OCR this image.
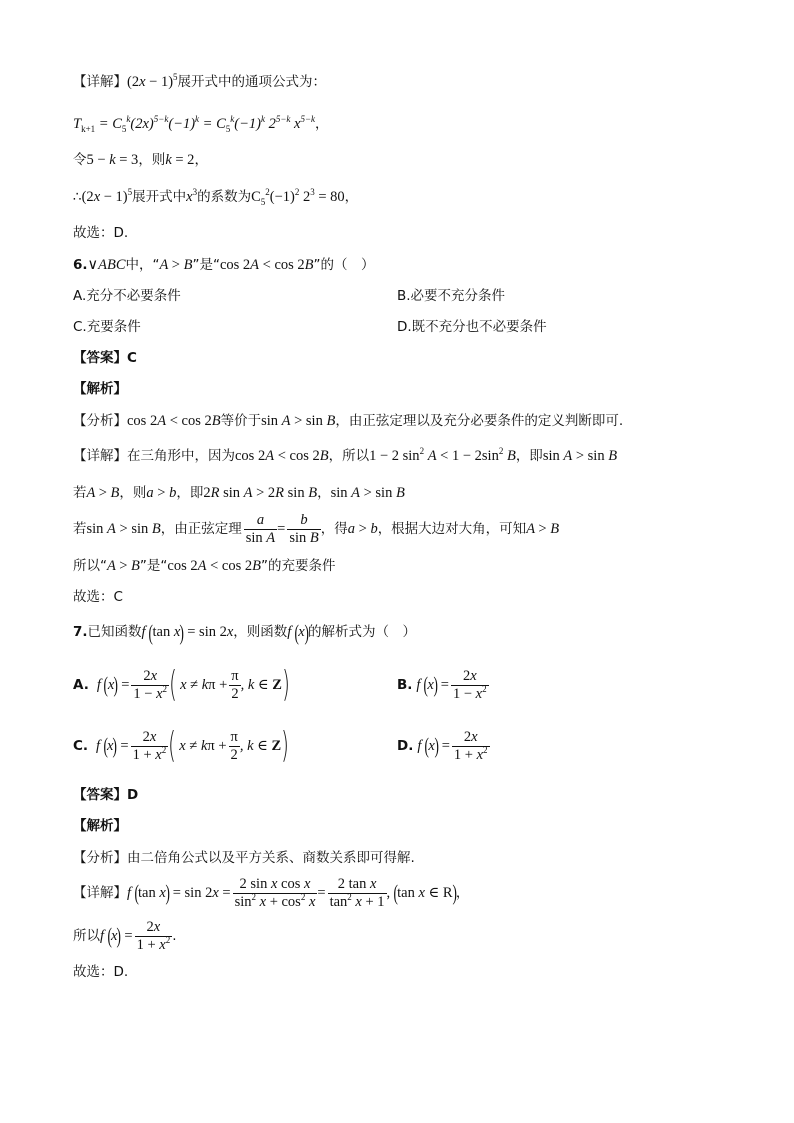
【详解】$(2x - 1)^5$展开式中的通项公式为：
$T_{k+1} = C_5^k(2x)^{5-k}(-1)^k = C_5^k(-1)^k$ $2^{5-k}$ $x^{5-k}$，
令5 − k = 3，则k = 2，
∴(2x − 1)$^5$展开式中$x^3$的系数为$C_5^2(-1)^2$ $2^3 = 80$，
故选：D.
6.∨ABC中，“A > B”是“cos 2A < cos 2B”的（　）
A.充分不必要条件	B.必要不充分条件
C.充要条件	D.既不充分也不必要条件
【答案】C
【解析】
【分析】cos 2A < cos 2B等价于sin A > sin B，由正弦定理以及充分必要条件的定义判断即可.
【详解】在三角形中，因为cos 2A < cos 2B，所以1 − 2 $\sin^2 A < 1 - 2\sin^2$ B，即sin A > sin B
若A > B，则a > b，即2R sin A > 2R sin B，sin A > sin B
若 sin A > sin B ，由正弦定理 $\frac{a}{\text{sin A}} = \frac{b}{\text{sin B}}$ ，得 a > b ，根据大边对大角，可知 A > B
所以“A > B”是“cos 2A < cos 2B”的充要条件
故选：C
7.已知函数f (tan x) = sin 2x，则函数f (x)的解析式为（　）
A. f $(x) = \frac{2x}{1 - x^2}$ ( $x \ne k\pi + \frac{\pi}{2}$ , k ∈ Z )	B. f $(x) = \frac{2x}{1 - x^2}$
C. f $(x) = \frac{2x}{1 + x^2}$ ( $x \ne k\pi + \frac{\pi}{2}$ , k ∈ Z )	D. f $(x) = \frac{2x}{1 + x^2}$
【答案】D
【解析】
【分析】由二倍角公式以及平方关系、商数关系即可得解.
【详解】 f (tan $x) = \sin 2x = \frac{\text{2 sin x cos x}}{\sin^2 x + \cos^2 x} = \frac{\text{2 tan x}}{\tan^2 x + 1}$ , (tan x ∈ R) ，
所以 f $(x) = \frac{2x}{1 + x^2}$ .
故选：D.
